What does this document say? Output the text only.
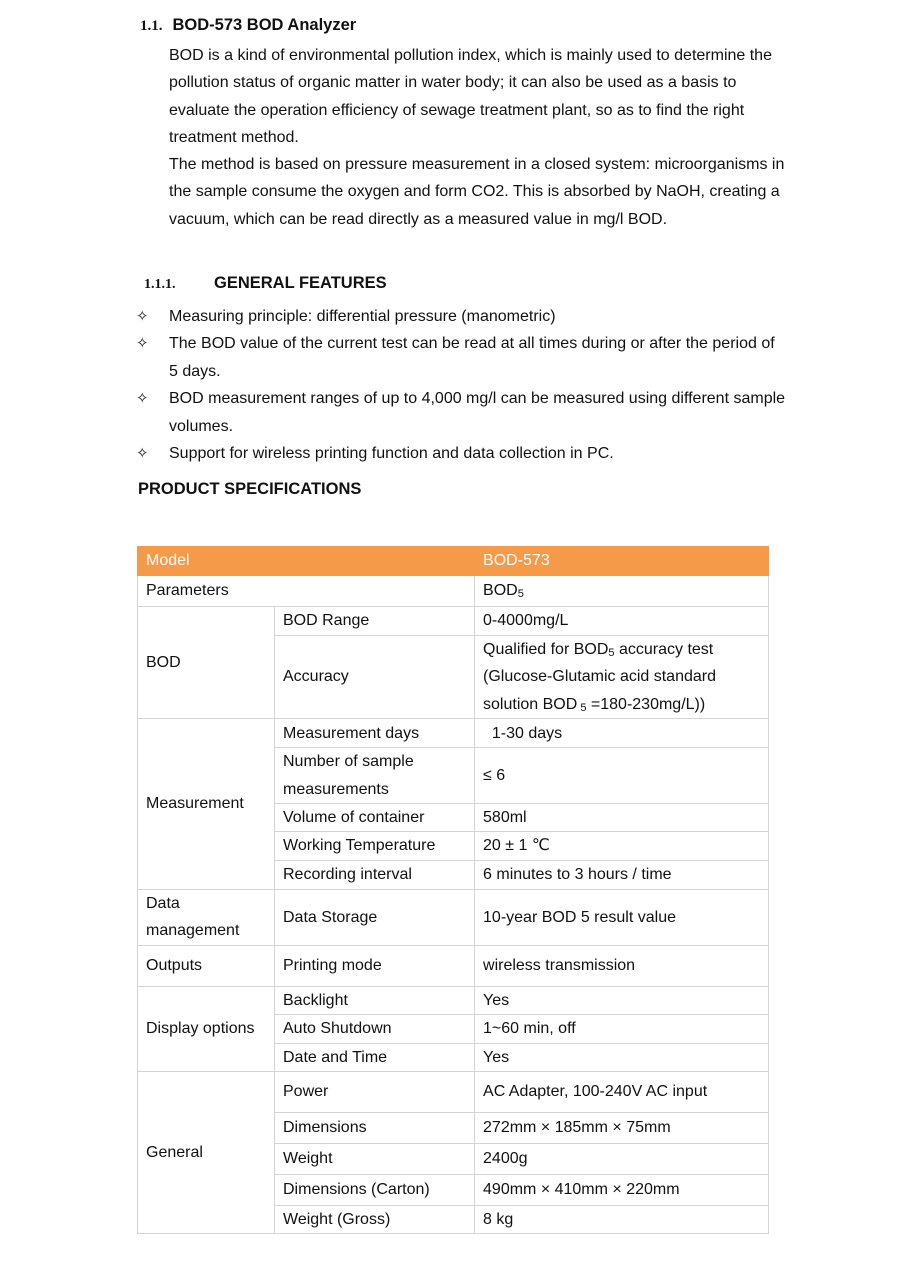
1.1. BOD-573 BOD Analyzer
BOD is a kind of environmental pollution index, which is mainly used to determine the pollution status of organic matter in water body; it can also be used as a basis to evaluate the operation efficiency of sewage treatment plant, so as to find the right treatment method.
The method is based on pressure measurement in a closed system: microorganisms in the sample consume the oxygen and form CO2. This is absorbed by NaOH, creating a vacuum, which can be read directly as a measured value in mg/l BOD.
1.1.1. GENERAL FEATURES
✧ Measuring principle: differential pressure (manometric)
✧ The BOD value of the current test can be read at all times during or after the period of 5 days.
✧ BOD measurement ranges of up to 4,000 mg/l can be measured using different sample volumes.
✧ Support for wireless printing function and data collection in PC.
PRODUCT SPECIFICATIONS
Model		BOD-573
Parameters		$BOD_5$
BOD	BOD Range	0-4000mg/L
	Accuracy	Qualified for $BOD_5$ accuracy test
(Glucose-Glutamic acid standard
solution BOD $_5$ =180-230mg/L))

Measurement	Measurement days	1-30 days
	Number of sample measurements	≤ 6
	Volume of container	580ml
	Working Temperature	20 ± 1 ℃
	Recording interval	6 minutes to 3 hours / time
Data management	Data Storage	10-year BOD 5 result value
Outputs	Printing mode	wireless transmission
Display options	Backlight	Yes
	Auto Shutdown	1~60 min, off
	Date and Time	Yes
General	Power	AC Adapter, 100-240V AC input
	Dimensions	272mm × 185mm × 75mm
	Weight	2400g
	Dimensions (Carton)	490mm × 410mm × 220mm
	Weight (Gross)	8 kg
